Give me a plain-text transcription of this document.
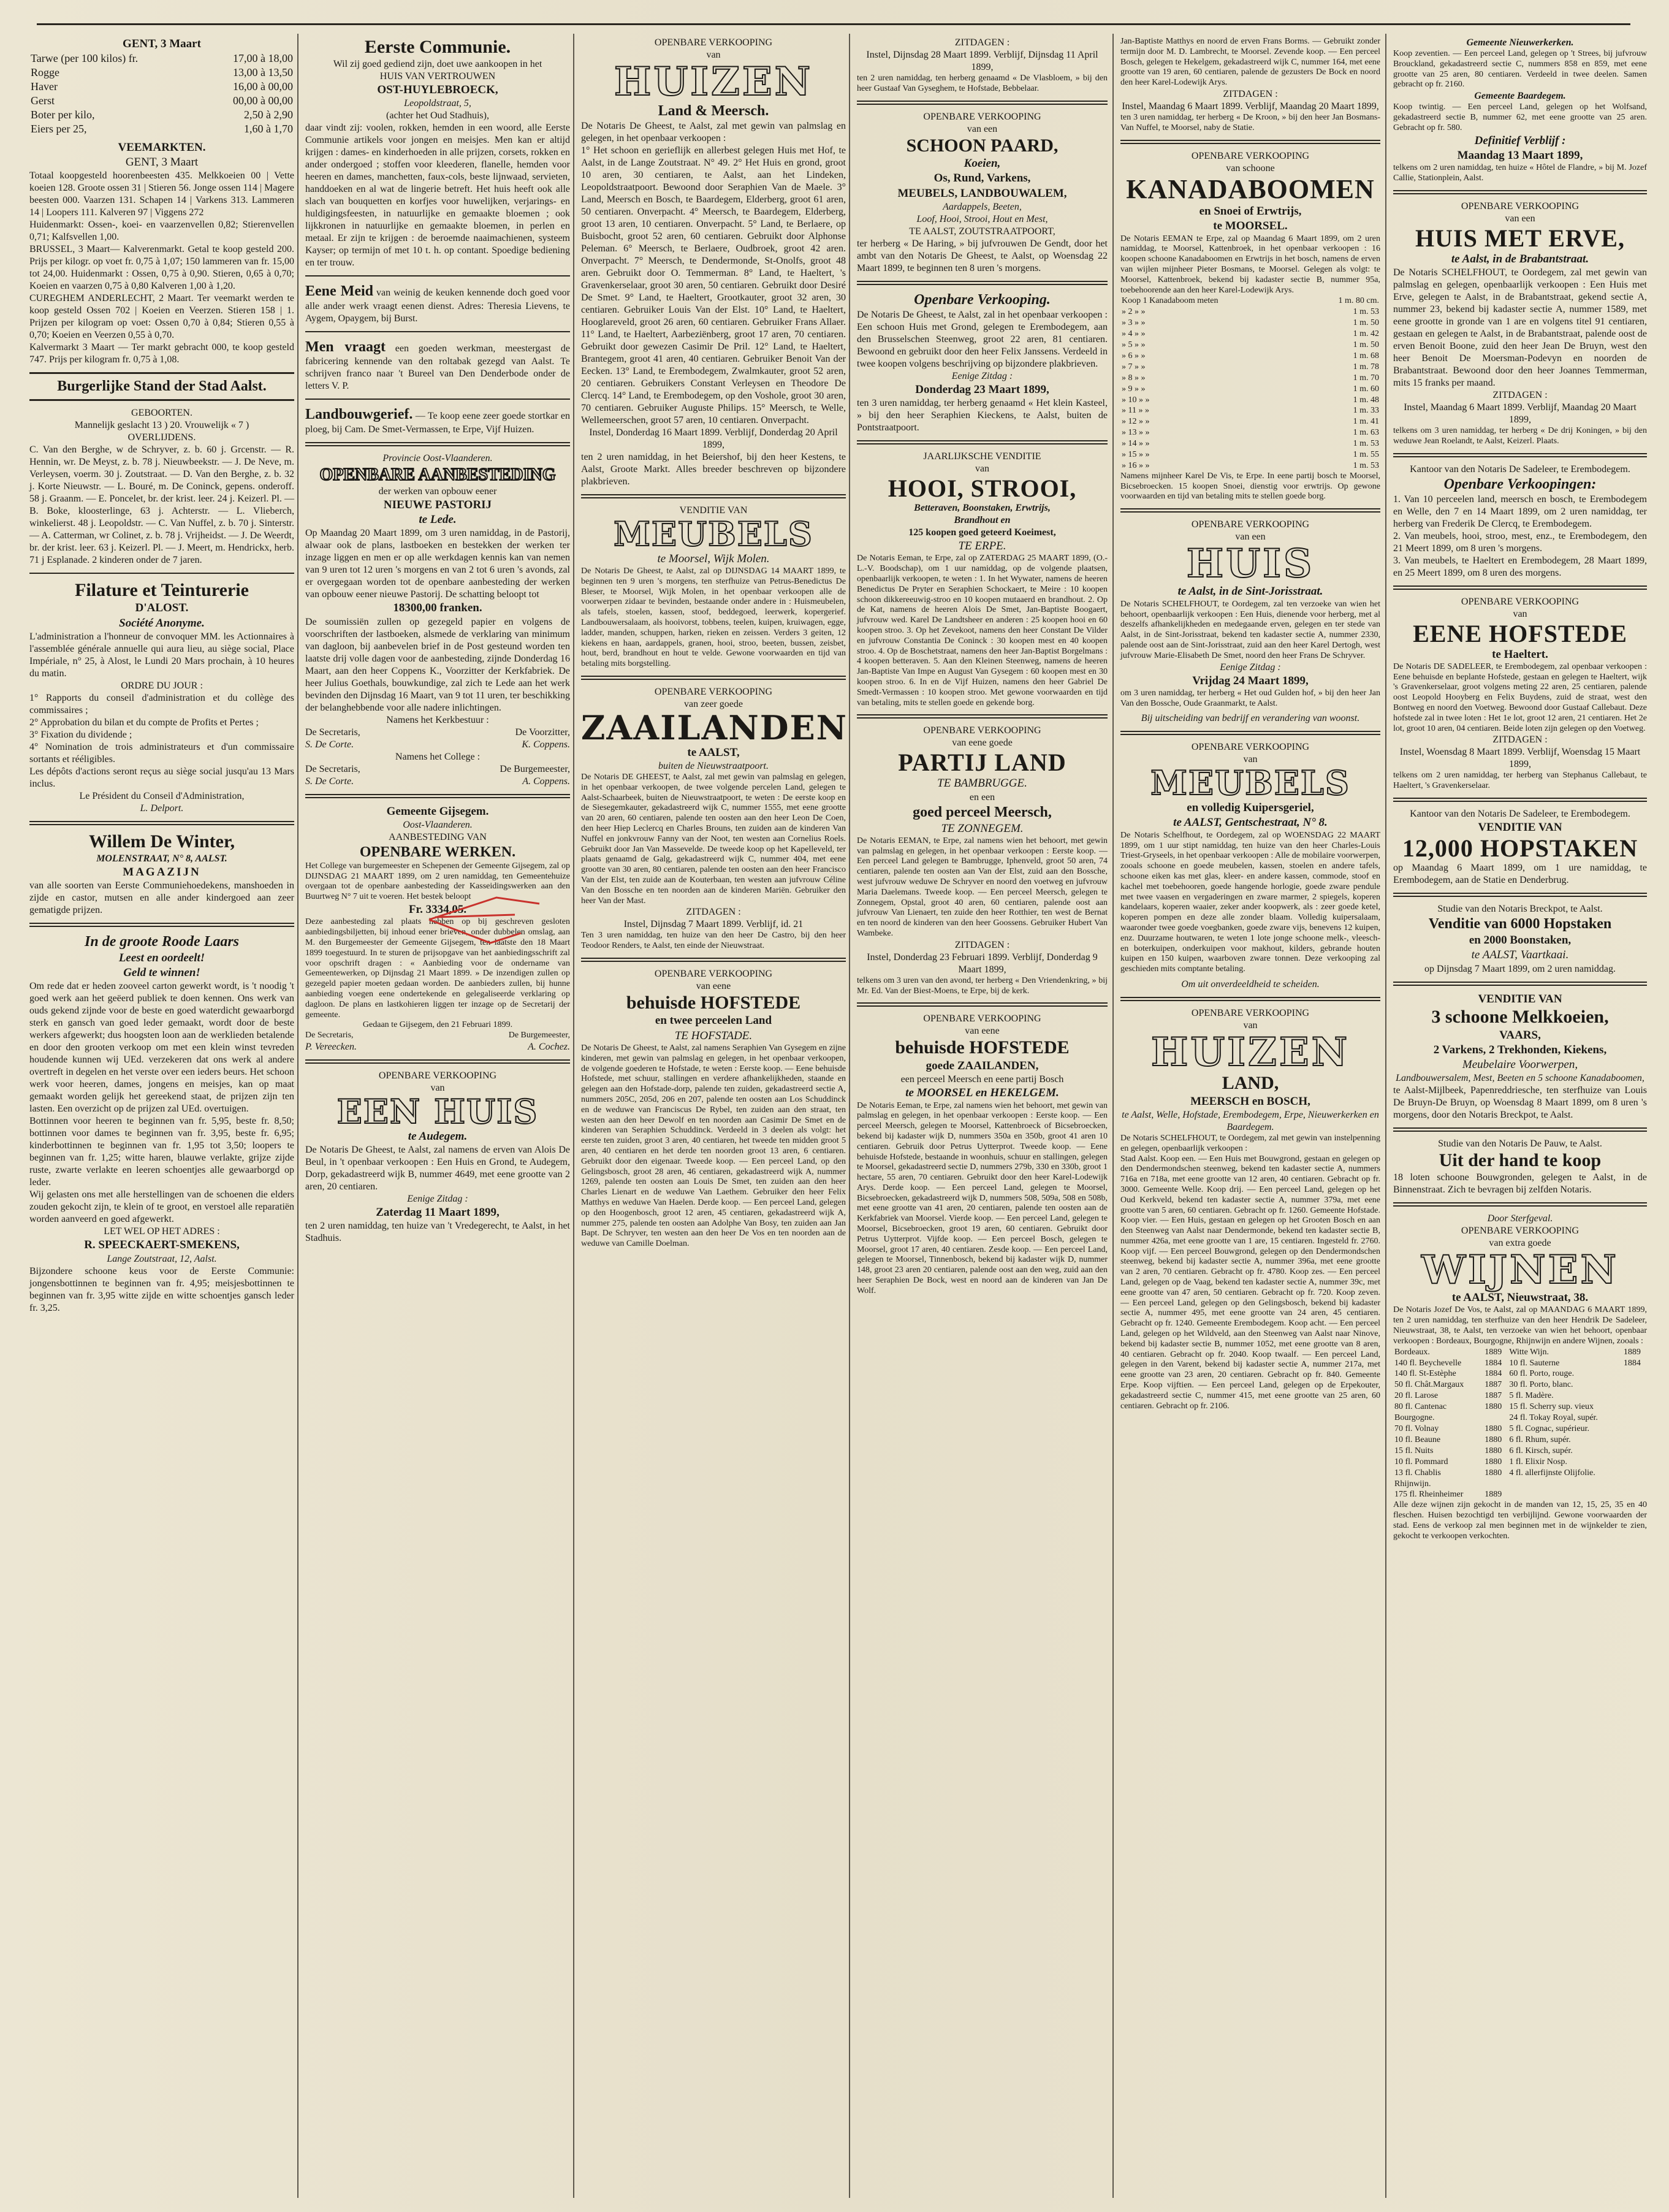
GENT, 3 Maart
Tarwe (per 100 kilos) fr.	17,00 à 18,00
Rogge	13,00 à 13,50
Haver	16,00 à 00,00
Gerst	00,00 à 00,00
Boter per kilo,	2,50 à 2,90
Eiers per 25,	1,60 à 1,70
VEEMARKTEN.
GENT, 3 Maart
Totaal koopgesteld hoorenbeesten 435. Melkkoeien 00 | Vette koeien 128. Groote ossen 31 | Stieren 56. Jonge ossen 114 | Magere beesten 000. Vaarzen 131. Schapen 14 | Varkens 313. Lammeren 14 | Loopers 111. Kalveren 97 | Viggens 272
Huidenmarkt: Ossen-, koei- en vaarzenvellen 0,82; Stierenvellen 0,71; Kalfsvellen 1,00.
BRUSSEL, 3 Maart— Kalverenmarkt. Getal te koop gesteld 200. Prijs per kilogr. op voet fr. 0,75 à 1,07; 150 lammeren van fr. 15,00 tot 24,00. Huidenmarkt : Ossen, 0,75 à 0,90. Stieren, 0,65 à 0,70; Koeien en vaarzen 0,75 à 0,80 Kalveren 1,00 à 1,20.
CUREGHEM ANDERLECHT, 2 Maart. Ter veemarkt werden te koop gesteld Ossen 702 | Koeien en Veerzen. Stieren 158 | 1. Prijzen per kilogram op voet: Ossen 0,70 à 0,84; Stieren 0,55 à 0,70; Koeien en Veerzen 0,55 à 0,70.
Kalvermarkt 3 Maart — Ter markt gebracht 000, te koop gesteld 747. Prijs per kilogram fr. 0,75 à 1,08.
Burgerlijke Stand der Stad Aalst.
GEBOORTEN.
Mannelijk geslacht 13 ) 20. Vrouwelijk « 7 )
OVERLIJDENS.
C. Van den Berghe, w de Schryver, z. b. 60 j. Grcenstr. — R. Hennin, wr. De Meyst, z. b. 78 j. Nieuwbeekstr. — J. De Neve, m. Verleysen, voerm. 30 j. Zoutstraat. — D. Van den Berghe, z. b. 32 j. Korte Nieuwstr. — L. Bouré, m. De Coninck, gepens. onderoff. 58 j. Graanm. — E. Poncelet, br. der krist. leer. 24 j. Keizerl. Pl. — B. Boke, kloosterlinge, 63 j. Achterstr. — L. Vlieberch, winkelierst. 48 j. Leopoldstr. — C. Van Nuffel, z. b. 70 j. Sinterstr. — A. Catterman, wr Colinet, z. b. 78 j. Vrijheidst. — J. De Weerdt, br. der krist. leer. 63 j. Keizerl. Pl. — J. Meert, m. Hendrickx, herb. 71 j Esplanade. 2 kinderen onder de 7 jaren.
Filature et Teinturerie
D'ALOST.
Société Anonyme.
L'administration a l'honneur de convoquer MM. les Actionnaires à l'assemblée générale annuelle qui aura lieu, au siège social, Place Impériale, n° 25, à Alost, le Lundi 20 Mars prochain, à 10 heures du matin.
ORDRE DU JOUR :
1° Rapports du conseil d'administration et du collège des commissaires ;
2° Approbation du bilan et du compte de Profits et Pertes ;
3° Fixation du dividende ;
4° Nomination de trois administrateurs et d'un commissaire sortants et rééligibles.
Les dépôts d'actions seront reçus au siège social jusqu'au 13 Mars inclus.
Le Président du Conseil d'Administration,
L. Delport.
Willem De Winter,
MOLENSTRAAT, N° 8, AALST.
MAGAZIJN
van alle soorten van Eerste Communiehoedekens, manshoeden in zijde en castor, mutsen en alle ander kindergoed aan zeer gematigde prijzen.
In de groote Roode Laars
Leest en oordeelt!
Geld te winnen!
Om rede dat er heden zooveel carton gewerkt wordt, is 't noodig 't goed werk aan het geëerd publiek te doen kennen. Ons werk van ouds gekend zijnde voor de beste en goed waterdicht gewaarborgd sterk en gansch van goed leder gemaakt, wordt door de beste werkers afgewerkt; dus hoogsten loon aan de werklieden betalende en door den grooten verkoop om met een klein winst tevreden houdende kunnen wij UEd. verzekeren dat ons werk al andere overtreft in degelen en het verste over een ieders beurs. Het schoon werk voor heeren, dames, jongens en meisjes, kan op maat gemaakt worden gelijk het gereekend staat, de prijzen zijn ten lasten. Een overzicht op de prijzen zal UEd. overtuigen.
Bottinnen voor heeren te beginnen van fr. 5,95, beste fr. 8,50; bottinnen voor dames te beginnen van fr. 3,95, beste fr. 6,95; kinderbottinnen te beginnen van fr. 1,95 tot 3,50; loopers te beginnen van fr. 1,25; witte haren, blauwe verlakte, grijze zijde ruste, zwarte verlakte en leeren schoentjes alle gewaarborgd op leder.
Wij gelasten ons met alle herstellingen van de schoenen die elders zouden gekocht zijn, te klein of te groot, en verstoel alle reparatiën worden aanveerd en goed afgewerkt.
LET WEL OP HET ADRES :
R. SPEECKAERT-SMEKENS,
Lange Zoutstraat, 12, Aalst.
Bijzondere schoone keus voor de Eerste Communie: jongensbottinnen te beginnen van fr. 4,95; meisjesbottinnen te beginnen van fr. 3,95 witte zijde en witte schoentjes gansch leder fr. 3,25.
Eerste Communie.
Wil zij goed gediend zijn, doet uwe aankoopen in het
HUIS VAN VERTROUWEN
OST-HUYLEBROECK,
Leopoldstraat, 5,
(achter het Oud Stadhuis),
daar vindt zij: voolen, rokken, hemden in een woord, alle Eerste Communie artikels voor jongen en meisjes. Men kan er altijd krijgen : dames- en kinderhoeden in alle prijzen, corsets, rokken en ander ondergoed ; stoffen voor kleederen, flanelle, hemden voor heeren en dames, manchetten, faux-cols, beste lijnwaad, servieten, handdoeken en al wat de lingerie betreft. Het huis heeft ook alle slach van bouquetten en korfjes voor huwelijken, verjarings- en huldigingsfeesten, in natuurlijke en gemaakte bloemen ; ook lijkkronen in natuurlijke en gemaakte bloemen, in perlen en metaal. Er zijn te krijgen : de beroemde naaimachienen, systeem Kayser; op termijn of met 10 t. h. op contant. Spoedige bediening en ter trouw.
Eene Meid van weinig de keuken kennende doch goed voor alle ander werk vraagt eenen dienst. Adres: Theresia Lievens, te Aygem, Opaygem, bij Burst.
Men vraagt een goeden werkman, meestergast de fabricering kennende van den roltabak gezegd van Aalst. Te schrijven franco naar 't Bureel van Den Denderbode onder de letters V. P.
Landbouwgerief. — Te koop eene zeer goede stortkar en ploeg, bij Cam. De Smet-Vermassen, te Erpe, Vijf Huizen.
Provincie Oost-Vlaanderen.
OPENBARE AANBESTEDING
der werken van opbouw eener
NIEUWE PASTORIJ
te Lede.
Op Maandag 20 Maart 1899, om 3 uren namiddag, in de Pastorij, alwaar ook de plans, lastboeken en bestekken der werken ter inzage liggen en men er op alle werkdagen kennis kan van nemen van 9 uren tot 12 uren 's morgens en van 2 tot 6 uren 's avonds, zal er overgegaan worden tot de openbare aanbesteding der werken van opbouw eener nieuwe Pastorij. De schatting beloopt tot
18300,00 franken.
De soumissiën zullen op gezegeld papier en volgens de voorschriften der lastboeken, alsmede de verklaring van minimum van dagloon, bij aanbevelen brief in de Post gesteund worden ten laatste drij volle dagen voor de aanbesteding, zijnde Donderdag 16 Maart, aan den heer Coppens K., Voorzitter der Kerkfabriek. De heer Julius Goethals, bouwkundige, zal zich te Lede aan het werk bevinden den Dijnsdag 16 Maart, van 9 tot 11 uren, ter beschikking der belanghebbende voor alle nadere inlichtingen.
Namens het Kerkbestuur :
De Secretaris,	De Voorzitter,
S. De Corte.	K. Coppens.
Namens het College :
De Secretaris,	De Burgemeester,
S. De Corte.	A. Coppens.
Gemeente Gijsegem.
Oost-Vlaanderen.
AANBESTEDING VAN
OPENBARE WERKEN.
Het College van burgemeester en Schepenen der Gemeente Gijsegem, zal op DIJNSDAG 21 MAART 1899, om 2 uren namiddag, ten Gemeentehuize overgaan tot de openbare aanbesteding der Kasseidingswerken aan den Buurtweg N° 7 uit te voeren. Het bestek beloopt
Fr. 3334,05.
Deze aanbesteding zal plaats hebben op bij geschreven gesloten aanbiedingsbiljetten, bij inhoud eener brieven, onder dubbelen omslag, aan M. den Burgemeester der Gemeente Gijsegem, ten laatste den 18 Maart 1899 toegestuurd. In te sturen de prijsopgave van het aanbiedingsschrift zal voor opschrift dragen : « Aanbieding voor de ondername van Gemeentewerken, op Dijnsdag 21 Maart 1899. » De inzendigen zullen op gezegeld papier moeten gedaan worden. De aanbieders zullen, bij hunne aanbieding voegen eene ondertekende en gelegaliseerde verklaring op dagloon. De plans en lastkohieren liggen ter inzage op de Secretarij der gemeente.
Gedaan te Gijsegem, den 21 Februari 1899.
De Secretaris,	De Burgemeester,
P. Vereecken.	A. Cochez.
OPENBARE VERKOOPING
van
EEN HUIS
te Audegem.
De Notaris De Gheest, te Aalst, zal namens de erven van Alois De Beul, in 't openbaar verkoopen : Een Huis en Grond, te Audegem, Dorp, gekadastreerd wijk B, nummer 4649, met eene grootte van 2 aren, 20 centiaren.
Eenige Zitdag :
Zaterdag 11 Maart 1899,
ten 2 uren namiddag, ten huize van 't Vredegerecht, te Aalst, in het Stadhuis.
OPENBARE VERKOOPING
van
HUIZEN
Land & Meersch.
De Notaris De Gheest, te Aalst, zal met gewin van palmslag en gelegen, in het openbaar verkoopen :
1° Het schoon en gerieflijk en allerbest gelegen Huis met Hof, te Aalst, in de Lange Zoutstraat. N° 49. 2° Het Huis en grond, groot 10 aren, 30 centiaren, te Aalst, aan het Lindeken, Leopoldstraatpoort. Bewoond door Seraphien Van de Maele. 3° Land, Meersch en Bosch, te Baardegem, Elderberg, groot 61 aren, 50 centiaren. Onverpacht. 4° Meersch, te Baardegem, Elderberg, groot 13 aren, 10 centiaren. Onverpacht. 5° Land, te Berlaere, op Buisbocht, groot 52 aren, 60 centiaren. Gebruikt door Alphonse Peleman. 6° Meersch, te Berlaere, Oudbroek, groot 42 aren. Onverpacht. 7° Meersch, te Dendermonde, St-Onolfs, groot 48 aren. Gebruikt door O. Temmerman. 8° Land, te Haeltert, 's Gravenkerselaar, groot 30 aren, 50 centiaren. Gebruikt door Desiré De Smet. 9° Land, te Haeltert, Grootkauter, groot 32 aren, 30 centiaren. Gebruiker Louis Van der Elst. 10° Land, te Haeltert, Hooglareveld, groot 26 aren, 60 centiaren. Gebruiker Frans Allaer. 11° Land, te Haeltert, Aarbeziënberg, groot 17 aren, 70 centiaren. Gebruikt door gewezen Casimir De Pril. 12° Land, te Haeltert, Brantegem, groot 41 aren, 40 centiaren. Gebruiker Benoit Van der Eecken. 13° Land, te Erembodegem, Zwalmkauter, groot 52 aren, 20 centiaren. Gebruikers Constant Verleysen en Theodore De Clercq. 14° Land, te Erembodegem, op den Voshole, groot 30 aren, 70 centiaren. Gebruiker Auguste Philips. 15° Meersch, te Welle, Wellemeerschen, groot 57 aren, 10 centiaren. Onverpacht.
Instel, Donderdag 16 Maart 1899. Verblijf, Donderdag 20 April 1899,
ten 2 uren namiddag, in het Beiershof, bij den heer Kestens, te Aalst, Groote Markt. Alles breeder beschreven op bijzondere plakbrieven.
VENDITIE VAN
MEUBELS
te Moorsel, Wijk Molen.
De Notaris De Gheest, te Aalst, zal op DIJNSDAG 14 MAART 1899, te beginnen ten 9 uren 's morgens, ten sterfhuize van Petrus-Benedictus De Bleser, te Moorsel, Wijk Molen, in het openbaar verkoopen alle de voorwerpen zidaar te bevinden, bestaande onder andere in : Huismeubelen, als tafels, stoelen, kassen, stoof, beddegoed, leerwerk, kopergerief. Landbouwersalaam, als hooivorst, tobbens, teelen, kuipen, kruiwagen, egge, ladder, manden, schuppen, harken, rieken en zeissen. Verders 3 geiten, 12 kiekens en haan, aardappels, granen, hooi, stroo, beeten, bussen, zeisbet, hout, berd, brandhout en hout te velde. Gewone voorwaarden en tijd van betaling mits borgstelling.
OPENBARE VERKOOPING
van zeer goede
ZAAILANDEN
te AALST,
buiten de Nieuwstraatpoort.
De Notaris DE GHEEST, te Aalst, zal met gewin van palmslag en gelegen, in het openbaar verkoopen, de twee volgende percelen Land, gelegen te Aalst-Schaarbeek, buiten de Nieuwstraatpoort, te weten : De eerste koop en de Siesegemkauter, gekadastreerd wijk C, nummer 1555, met eene grootte van 20 aren, 60 centiaren, palende ten oosten aan den heer Leon De Coen, den heer Hiep Leclercq en Charles Brouns, ten zuiden aan de kinderen Van Nuffel en jonkvrouw Fanny van der Noot, ten westen aan Cornelius Roels. Gebruikt door Jan Van Massevelde. De tweede koop op het Kapelleveld, ter plaats genaamd de Galg, gekadastreerd wijk C, nummer 404, met eene grootte van 30 aren, 80 centiaren, palende ten oosten aan den heer Francisco Van der Elst, ten zuide aan de Kouterbaan, ten westen aan jufvrouw Céline Van den Bossche en ten noorden aan de kinderen Mariën. Gebruiker den heer Van der Mast.
ZITDAGEN :
Instel, Dijnsdag 7 Maart 1899. Verblijf, id. 21
Ten 3 uren namiddag, ten huize van den heer De Castro, bij den heer Teodoor Renders, te Aalst, ten einde der Nieuwstraat.
OPENBARE VERKOOPING
van eene
behuisde HOFSTEDE
en twee perceelen Land
TE HOFSTADE.
De Notaris De Gheest, te Aalst, zal namens Seraphien Van Gysegem en zijne kinderen, met gewin van palmslag en gelegen, in het openbaar verkoopen, de volgende goederen te Hofstade, te weten : Eerste koop. — Eene behuisde Hofstede, met schuur, stallingen en verdere afhankelijkheden, staande en gelegen aan den Hofstade-dorp, palende ten zuiden, gekadastreerd sectie A, nummers 205C, 205d, 206 en 207, palende ten oosten aan Los Schuddinck en de weduwe van Franciscus De Rybel, ten zuiden aan den straat, ten westen aan den heer Dewolf en ten noorden aan Casimir De Smet en de kinderen van Seraphien Schuddinck. Verdeeld in 3 deelen als volgt: het eerste ten zuiden, groot 3 aren, 40 centiaren, het tweede ten midden groot 5 aren, 40 centiaren en het derde ten noorden groot 13 aren, 6 centiaren. Gebruikt door den eigenaar. Tweede koop. — Een perceel Land, op den Gelingsbosch, groot 28 aren, 46 centiaren, gekadastreerd wijk A, nummer 1269, palende ten oosten aan Louis De Smet, ten zuiden aan den heer Charles Lienart en de weduwe Van Laethem. Gebruiker den heer Felix Matthys en weduwe Van Haelen. Derde koop. — Een perceel Land, gelegen op den Hoogenbosch, groot 12 aren, 45 centiaren, gekadastreerd wijk A, nummer 275, palende ten oosten aan Adolphe Van Bosy, ten zuiden aan Jan Bapt. De Schryver, ten westen aan den heer De Vos en ten noorden aan de weduwe van Camille Doelman.
ZITDAGEN :
Instel, Dijnsdag 28 Maart 1899. Verblijf, Dijnsdag 11 April 1899,
ten 2 uren namiddag, ten herberg genaamd « De Vlasbloem, » bij den heer Gustaaf Van Gyseghem, te Hofstade, Bebbelaar.
OPENBARE VERKOOPING
van een
SCHOON PAARD,
Koeien,
Os, Rund, Varkens,
MEUBELS, LANDBOUWALEM,
Aardappels, Beeten,
Loof, Hooi, Strooi, Hout en Mest,
TE AALST, ZOUTSTRAATPOORT,
ter herberg « De Haring, » bij jufvrouwen De Gendt, door het ambt van den Notaris De Gheest, te Aalst, op Woensdag 22 Maart 1899, te beginnen ten 8 uren 's morgens.
Openbare Verkooping.
De Notaris De Gheest, te Aalst, zal in het openbaar verkoopen : Een schoon Huis met Grond, gelegen te Erembodegem, aan den Brusselschen Steenweg, groot 22 aren, 81 centiaren. Bewoond en gebruikt door den heer Felix Janssens. Verdeeld in twee koopen volgens beschrijving op bijzondere plakbrieven.
Eenige Zitdag :
Donderdag 23 Maart 1899,
ten 3 uren namiddag, ter herberg genaamd « Het klein Kasteel, » bij den heer Seraphien Kieckens, te Aalst, buiten de Pontstraatpoort.
JAARLIJKSCHE VENDITIE
van
HOOI, STROOI,
Betteraven, Boonstaken, Erwtrijs,
Brandhout en
125 koopen goed geteerd Koeimest,
TE ERPE.
De Notaris Eeman, te Erpe, zal op ZATERDAG 25 MAART 1899, (O.-L.-V. Boodschap), om 1 uur namiddag, op de volgende plaatsen, openbaarlijk verkoopen, te weten : 1. In het Wywater, namens de heeren Benedictus De Pryter en Seraphien Schockaert, te Meire : 10 koopen schoon dikkereeuwig-stroo en 10 koopen mutaaerd en brandhout. 2. Op de Kat, namens de heeren Alois De Smet, Jan-Baptiste Boogaert, jufvrouw wed. Karel De Landtsheer en anderen : 25 koopen hooi en 60 koopen stroo. 3. Op het Zevekoot, namens den heer Constant De Vilder en jufvrouw Constantia De Coninck : 30 koopen mest en 40 koopen stroo. 4. Op de Boschetstraat, namens den heer Jan-Baptist Borgelmans : 4 koopen betteraven. 5. Aan den Kleinen Steenweg, namens de heeren Jan-Baptiste Van Impe en August Van Gysegem : 60 koopen mest en 30 koopen stroo. 6. In en de Vijf Huizen, namens den heer Gabriel De Smedt-Vermassen : 10 koopen stroo. Met gewone voorwaarden en tijd van betaling, mits te stellen goede en gekende borg.
OPENBARE VERKOOPING
van eene goede
PARTIJ LAND
TE BAMBRUGGE.
en een
goed perceel Meersch,
TE ZONNEGEM.
De Notaris EEMAN, te Erpe, zal namens wien het behoort, met gewin van palmslag en gelegen, in het openbaar verkoopen : Eerste koop. — Een perceel Land gelegen te Bambrugge, Iphenveld, groot 50 aren, 74 centiaren, palende ten oosten aan Van der Elst, zuid aan den Bossche, west jufvrouw weduwe De Schryver en noord den voetweg en jufvrouw Maria Daelemans. Tweede koop. — Een perceel Meersch, gelegen te Zonnegem, Opstal, groot 40 aren, 60 centiaren, palende oost aan jufvrouw Van Lienaert, ten zuide den heer Rotthier, ten west de Bernat en ten noord de kinderen van den heer Goossens. Gebruiker Hubert Van Wambeke.
ZITDAGEN :
Instel, Donderdag 23 Februari 1899. Verblijf, Donderdag 9 Maart 1899,
telkens om 3 uren van den avond, ter herberg « Den Vriendenkring, » bij Mr. Ed. Van der Biest-Moens, te Erpe, bij de kerk.
OPENBARE VERKOOPING
van eene
behuisde HOFSTEDE
goede ZAAILANDEN,
een perceel Meersch en eene partij Bosch
te MOORSEL en HEKELGEM.
De Notaris Eeman, te Erpe, zal namens wien het behoort, met gewin van palmslag en gelegen, in het openbaar verkoopen : Eerste koop. — Een perceel Meersch, gelegen te Moorsel, Kattenbroeck of Bicsebroecken, bekend bij kadaster wijk D, nummers 350a en 350b, groot 41 aren 10 centiaren. Gebruik door Petrus Uytterprot. Tweede koop. — Eene behuisde Hofstede, bestaande in woonhuis, schuur en stallingen, gelegen te Moorsel, gekadastreerd sectie D, nummers 279b, 330 en 330b, groot 1 hectare, 55 aren, 70 centiaren. Gebruikt door den heer Karel-Lodewijk Arys. Derde koop. — Een perceel Land, gelegen te Moorsel, Bicsebroecken, gekadastreerd wijk D, nummers 508, 509a, 508 en 508b, met eene grootte van 41 aren, 20 centiaren, palende ten oosten aan de Kerkfabriek van Moorsel. Vierde koop. — Een perceel Land, gelegen te Moorsel, Bicsebroecken, groot 19 aren, 60 centiaren. Gebruikt door Petrus Uytterprot. Vijfde koop. — Een perceel Bosch, gelegen te Moorsel, groot 17 aren, 40 centiaren. Zesde koop. — Een perceel Land, gelegen te Moorsel, Tinnenbosch, bekend bij kadaster wijk D, nummer 148, groot 23 aren 20 centiaren, palende oost aan den weg, zuid aan den heer Seraphien De Bock, west en noord aan de kinderen van Jan De Wolf.
Jan-Baptiste Matthys en noord de erven Frans Borms. — Gebruikt zonder termijn door M. D. Lambrecht, te Moorsel. Zevende koop. — Een perceel Bosch, gelegen te Hekelgem, gekadastreerd wijk C, nummer 164, met eene grootte van 19 aren, 60 centiaren, palende de gezusters De Bock en noord den heer Karel-Lodewijk Arys.
ZITDAGEN :
Instel, Maandag 6 Maart 1899. Verblijf, Maandag 20 Maart 1899,
ten 3 uren namiddag, ter herberg « De Kroon, » bij den heer Jan Bosmans-Van Nuffel, te Moorsel, naby de Statie.
OPENBARE VERKOOPING
van schoone
KANADABOOMEN
en Snoei of Erwtrijs,
te MOORSEL.
De Notaris EEMAN te Erpe, zal op Maandag 6 Maart 1899, om 2 uren namiddag, te Moorsel, Kattenbroek, in het openbaar verkoopen : 16 koopen schoone Kanadaboomen en Erwtrijs in het bosch, namens de erven van wijlen mijnheer Pieter Bosmans, te Moorsel. Gelegen als volgt: te Moorsel, Kattenbroek, bekend bij kadaster sectie B, nummer 95a, toebehoorende aan den heer Karel-Lodewijk Arys.
Koop 1 Kanadaboom meten	1 m. 80 cm.
» 2 » »	1 m. 53
» 3 » »	1 m. 50
» 4 » »	1 m. 42
» 5 » »	1 m. 50
» 6 » »	1 m. 68
» 7 » »	1 m. 78
» 8 » »	1 m. 70
» 9 » »	1 m. 60
» 10 » »	1 m. 48
» 11 » »	1 m. 33
» 12 » »	1 m. 41
» 13 » »	1 m. 63
» 14 » »	1 m. 53
» 15 » »	1 m. 55
» 16 » »	1 m. 53
Namens mijnheer Karel De Vis, te Erpe. In eene partij bosch te Moorsel, Bicsebroecken. 15 koopen Snoei, dienstig voor erwtrijs. Op gewone voorwaarden en tijd van betaling mits te stellen goede borg.
OPENBARE VERKOOPING
van een
HUIS
te Aalst, in de Sint-Jorisstraat.
De Notaris SCHELFHOUT, te Oordegem, zal ten verzoeke van wien het behoort, openbaarlijk verkoopen : Een Huis, dienende voor herberg, met al deszelfs afhankelijkheden en medegaande erven, gelegen en ter stede van Aalst, in de Sint-Jorisstraat, bekend ten kadaster sectie A, nummer 2330, palende oost aan de Sint-Jorisstraat, zuid aan den heer Karel Dertogh, west jufvrouw Marie-Elisabeth De Smet, noord den heer Frans De Schryver.
Eenige Zitdag :
Vrijdag 24 Maart 1899,
om 3 uren namiddag, ter herberg « Het oud Gulden hof, » bij den heer Jan Van den Bossche, Oude Graanmarkt, te Aalst.
Bij uitscheiding van bedrijf en verandering van woonst.
OPENBARE VERKOOPING
van
MEUBELS
en volledig Kuipersgeriel,
te AALST, Gentschestraat, N° 8.
De Notaris Schelfhout, te Oordegem, zal op WOENSDAG 22 MAART 1899, om 1 uur stipt namiddag, ten huize van den heer Charles-Louis Triest-Gryseels, in het openbaar verkoopen : Alle de mobilaire voorwerpen, zooals schoone en goede meubelen, kassen, stoelen en andere tafels, schoone eiken kas met glas, kleer- en andere kassen, commode, stoof en kachel met toebehooren, goede hangende horlogie, goede zware pendule met twee vaasen en vergaderingen en zware marmer, 2 spiegels, koperen kandelaars, koperen waaier, zeker ander koopwerk, als : zeer goede ketel, koperen pompen en deze alle zonder blaam. Volledig kuipersalaam, waaronder twee goede voegbanken, goede zware vijs, benevens 12 kuipen, enz. Duurzame houtwaren, te weten 1 lote jonge schoone melk-, vleesch- en boterkuipen, onderkuipen voor makhout, kilders, gebrande houten kuipen en 150 kuipen, waarboven zware tonnen. Deze verkooping zal geschieden mits comptante betaling.
Om uit onverdeeldheid te scheiden.
OPENBARE VERKOOPING
van
HUIZEN
LAND,
MEERSCH en BOSCH,
te Aalst, Welle, Hofstade, Erembodegem, Erpe, Nieuwerkerken en Baardegem.
De Notaris SCHELFHOUT, te Oordegem, zal met gewin van instelpenning en gelegen, openbaarlijk verkoopen :
Stad Aalst. Koop een. — Een Huis met Bouwgrond, gestaan en gelegen op den Dendermondschen steenweg, bekend ten kadaster sectie A, nummers 716a en 718a, met eene grootte van 12 aren, 40 centiaren. Gebracht op fr. 3000. Gemeente Welle. Koop drij. — Een perceel Land, gelegen op het Oud Kerkveld, bekend ten kadaster sectie A, nummer 379a, met eene grootte van 5 aren, 60 centiaren. Gebracht op fr. 1260. Gemeente Hofstade. Koop vier. — Een Huis, gestaan en gelegen op het Grooten Bosch en aan den Steenweg van Aalst naar Dendermonde, bekend ten kadaster sectie B, nummer 426a, met eene grootte van 1 are, 15 centiaren. Ingesteld fr. 2760. Koop vijf. — Een perceel Bouwgrond, gelegen op den Dendermondschen steenweg, bekend bij kadaster sectie A, nummer 396a, met eene grootte van 2 aren, 70 centiaren. Gebracht op fr. 4780. Koop zes. — Een perceel Land, gelegen op de Vaag, bekend ten kadaster sectie A, nummer 39c, met eene grootte van 47 aren, 50 centiaren. Gebracht op fr. 720. Koop zeven. — Een perceel Land, gelegen op den Gelingsbosch, bekend bij kadaster sectie A, nummer 495, met eene grootte van 24 aren, 45 centiaren. Gebracht op fr. 1240. Gemeente Erembodegem. Koop acht. — Een perceel Land, gelegen op het Wildveld, aan den Steenweg van Aalst naar Ninove, bekend bij kadaster sectie B, nummer 1052, met eene grootte van 8 aren, 40 centiaren. Gebracht op fr. 2040. Koop twaalf. — Een perceel Land, gelegen in den Varent, bekend bij kadaster sectie A, nummer 217a, met eene grootte van 23 aren, 20 centiaren. Gebracht op fr. 840. Gemeente Erpe. Koop vijftien. — Een perceel Land, gelegen op de Erpekouter, gekadastreerd sectie C, nummer 415, met eene grootte van 25 aren, 60 centiaren. Gebracht op fr. 2106.
Gemeente Nieuwerkerken.
Koop zeventien. — Een perceel Land, gelegen op 't Strees, bij jufvrouw Brouckland, gekadastreerd sectie C, nummers 858 en 859, met eene grootte van 25 aren, 80 centiaren. Verdeeld in twee deelen. Samen gebracht op fr. 2160.
Gemeente Baardegem.
Koop twintig. — Een perceel Land, gelegen op het Wolfsand, gekadastreerd sectie B, nummer 62, met eene grootte van 25 aren. Gebracht op fr. 580.
Definitief Verblijf :
Maandag 13 Maart 1899,
telkens om 2 uren namiddag, ten huize « Hôtel de Flandre, » bij M. Jozef Callie, Stationplein, Aalst.
OPENBARE VERKOOPING
van een
HUIS MET ERVE,
te Aalst, in de Brabantstraat.
De Notaris SCHELFHOUT, te Oordegem, zal met gewin van palmslag en gelegen, openbaarlijk verkoopen : Een Huis met Erve, gelegen te Aalst, in de Brabantstraat, gekend sectie A, nummer 23, bekend bij kadaster sectie A, nummer 1589, met eene grootte in gronde van 1 are en volgens titel 91 centiaren, gestaan en gelegen te Aalst, in de Brabantstraat, palende oost de erven Benoit Boone, zuid den heer Jean De Bruyn, west den heer Benoit De Moersman-Podevyn en noorden de Brabantstraat. Bewoond door den heer Joannes Temmerman, mits 15 franks per maand.
ZITDAGEN :
Instel, Maandag 6 Maart 1899. Verblijf, Maandag 20 Maart 1899,
telkens om 3 uren namiddag, ter herberg « De drij Koningen, » bij den weduwe Jean Roelandt, te Aalst, Keizerl. Plaats.
Kantoor van den Notaris De Sadeleer, te Erembodegem.
Openbare Verkoopingen:
1. Van 10 perceelen land, meersch en bosch, te Erembodegem en Welle, den 7 en 14 Maart 1899, om 2 uren namiddag, ter herberg van Frederik De Clercq, te Erembodegem.
2. Van meubels, hooi, stroo, mest, enz., te Erembodegem, den 21 Meert 1899, om 8 uren 's morgens.
3. Van meubels, te Haeltert en Erembodegem, 28 Maart 1899, en 25 Meert 1899, om 8 uren des morgens.
OPENBARE VERKOOPING
van
EENE HOFSTEDE
te Haeltert.
De Notaris DE SADELEER, te Erembodegem, zal openbaar verkoopen : Eene behuisde en beplante Hofstede, gestaan en gelegen te Haeltert, wijk 's Gravenkerselaar, groot volgens meting 22 aren, 25 centiaren, palende oost Leopold Hooyberg en Felix Buydens, zuid de straat, west den Bontweg en noord den Voetweg. Bewoond door Gustaaf Callebaut. Deze hofstede zal in twee loten : Het 1e lot, groot 12 aren, 21 centiaren. Het 2e lot, groot 10 aren, 04 centiaren. Beide loten zijn gelegen op den Voetweg.
ZITDAGEN :
Instel, Woensdag 8 Maart 1899. Verblijf, Woensdag 15 Maart 1899,
telkens om 2 uren namiddag, ter herberg van Stephanus Callebaut, te Haeltert, 's Gravenkerselaar.
Kantoor van den Notaris De Sadeleer, te Erembodegem.
VENDITIE VAN
12,000 HOPSTAKEN
op Maandag 6 Maart 1899, om 1 ure namiddag, te Erembodegem, aan de Statie en Denderbrug.
Studie van den Notaris Breckpot, te Aalst.
Venditie van 6000 Hopstaken
en 2000 Boonstaken,
te AALST, Vaartkaai.
op Dijnsdag 7 Maart 1899, om 2 uren namiddag.
VENDITIE VAN
3 schoone Melkkoeien,
VAARS,
2 Varkens, 2 Trekhonden, Kiekens,
Meubelaire Voorwerpen,
Landbouwersalem, Mest, Beeten en 5 schoone Kanadaboomen,
te Aalst-Mijlbeek, Papenreddriesche, ten sterfhuize van Louis De Bruyn-De Bruyn, op Woensdag 8 Maart 1899, om 8 uren 's morgens, door den Notaris Breckpot, te Aalst.
Studie van den Notaris De Pauw, te Aalst.
Uit der hand te koop
18 loten schoone Bouwgronden, gelegen te Aalst, in de Binnenstraat. Zich te bevragen bij zelfden Notaris.
Door Sterfgeval.
OPENBARE VERKOOPING
van extra goede
WIJNEN
te AALST, Nieuwstraat, 38.
De Notaris Jozef De Vos, te Aalst, zal op MAANDAG 6 MAART 1899, ten 2 uren namiddag, ten sterfhuize van den heer Hendrik De Sadeleer, Nieuwstraat, 38, te Aalst, ten verzoeke van wien het behoort, openbaar verkoopen : Bordeaux, Bourgogne, Rhijnwijn en andere Wijnen, zooals :
Bordeaux.	1889	Witte Wijn.	1889
140 fl. Beychevelle	1884	10 fl. Sauterne	1884
140 fl. St-Estèphe	1884	60 fl. Porto, rouge.	
50 fl. Chât.Margaux	1887	30 fl. Porto, blanc.	
20 fl. Larose	1887	5 fl. Madère.	
80 fl. Cantenac	1880	15 fl. Scherry sup. vieux	
Bourgogne.		24 fl. Tokay Royal, supér.	
70 fl. Volnay	1880	5 fl. Cognac, supérieur.	
10 fl. Beaune	1880	6 fl. Rhum, supér.	
15 fl. Nuits	1880	6 fl. Kirsch, supér.	
10 fl. Pommard	1880	1 fl. Elixir Nosp.	
13 fl. Chablis	1880	4 fl. allerfijnste Olijfolie.	
Rhijnwijn.			
175 fl. Rheinheimer	1889		
Alle deze wijnen zijn gekocht in de manden van 12, 15, 25, 35 en 40 fleschen. Huisen bezochtigd ten verbijlijnd. Gewone voorwaarden der stad. Eens de verkoop zal men beginnen met in de wijnkelder te zien, gekocht te verkoopen verkochten.
